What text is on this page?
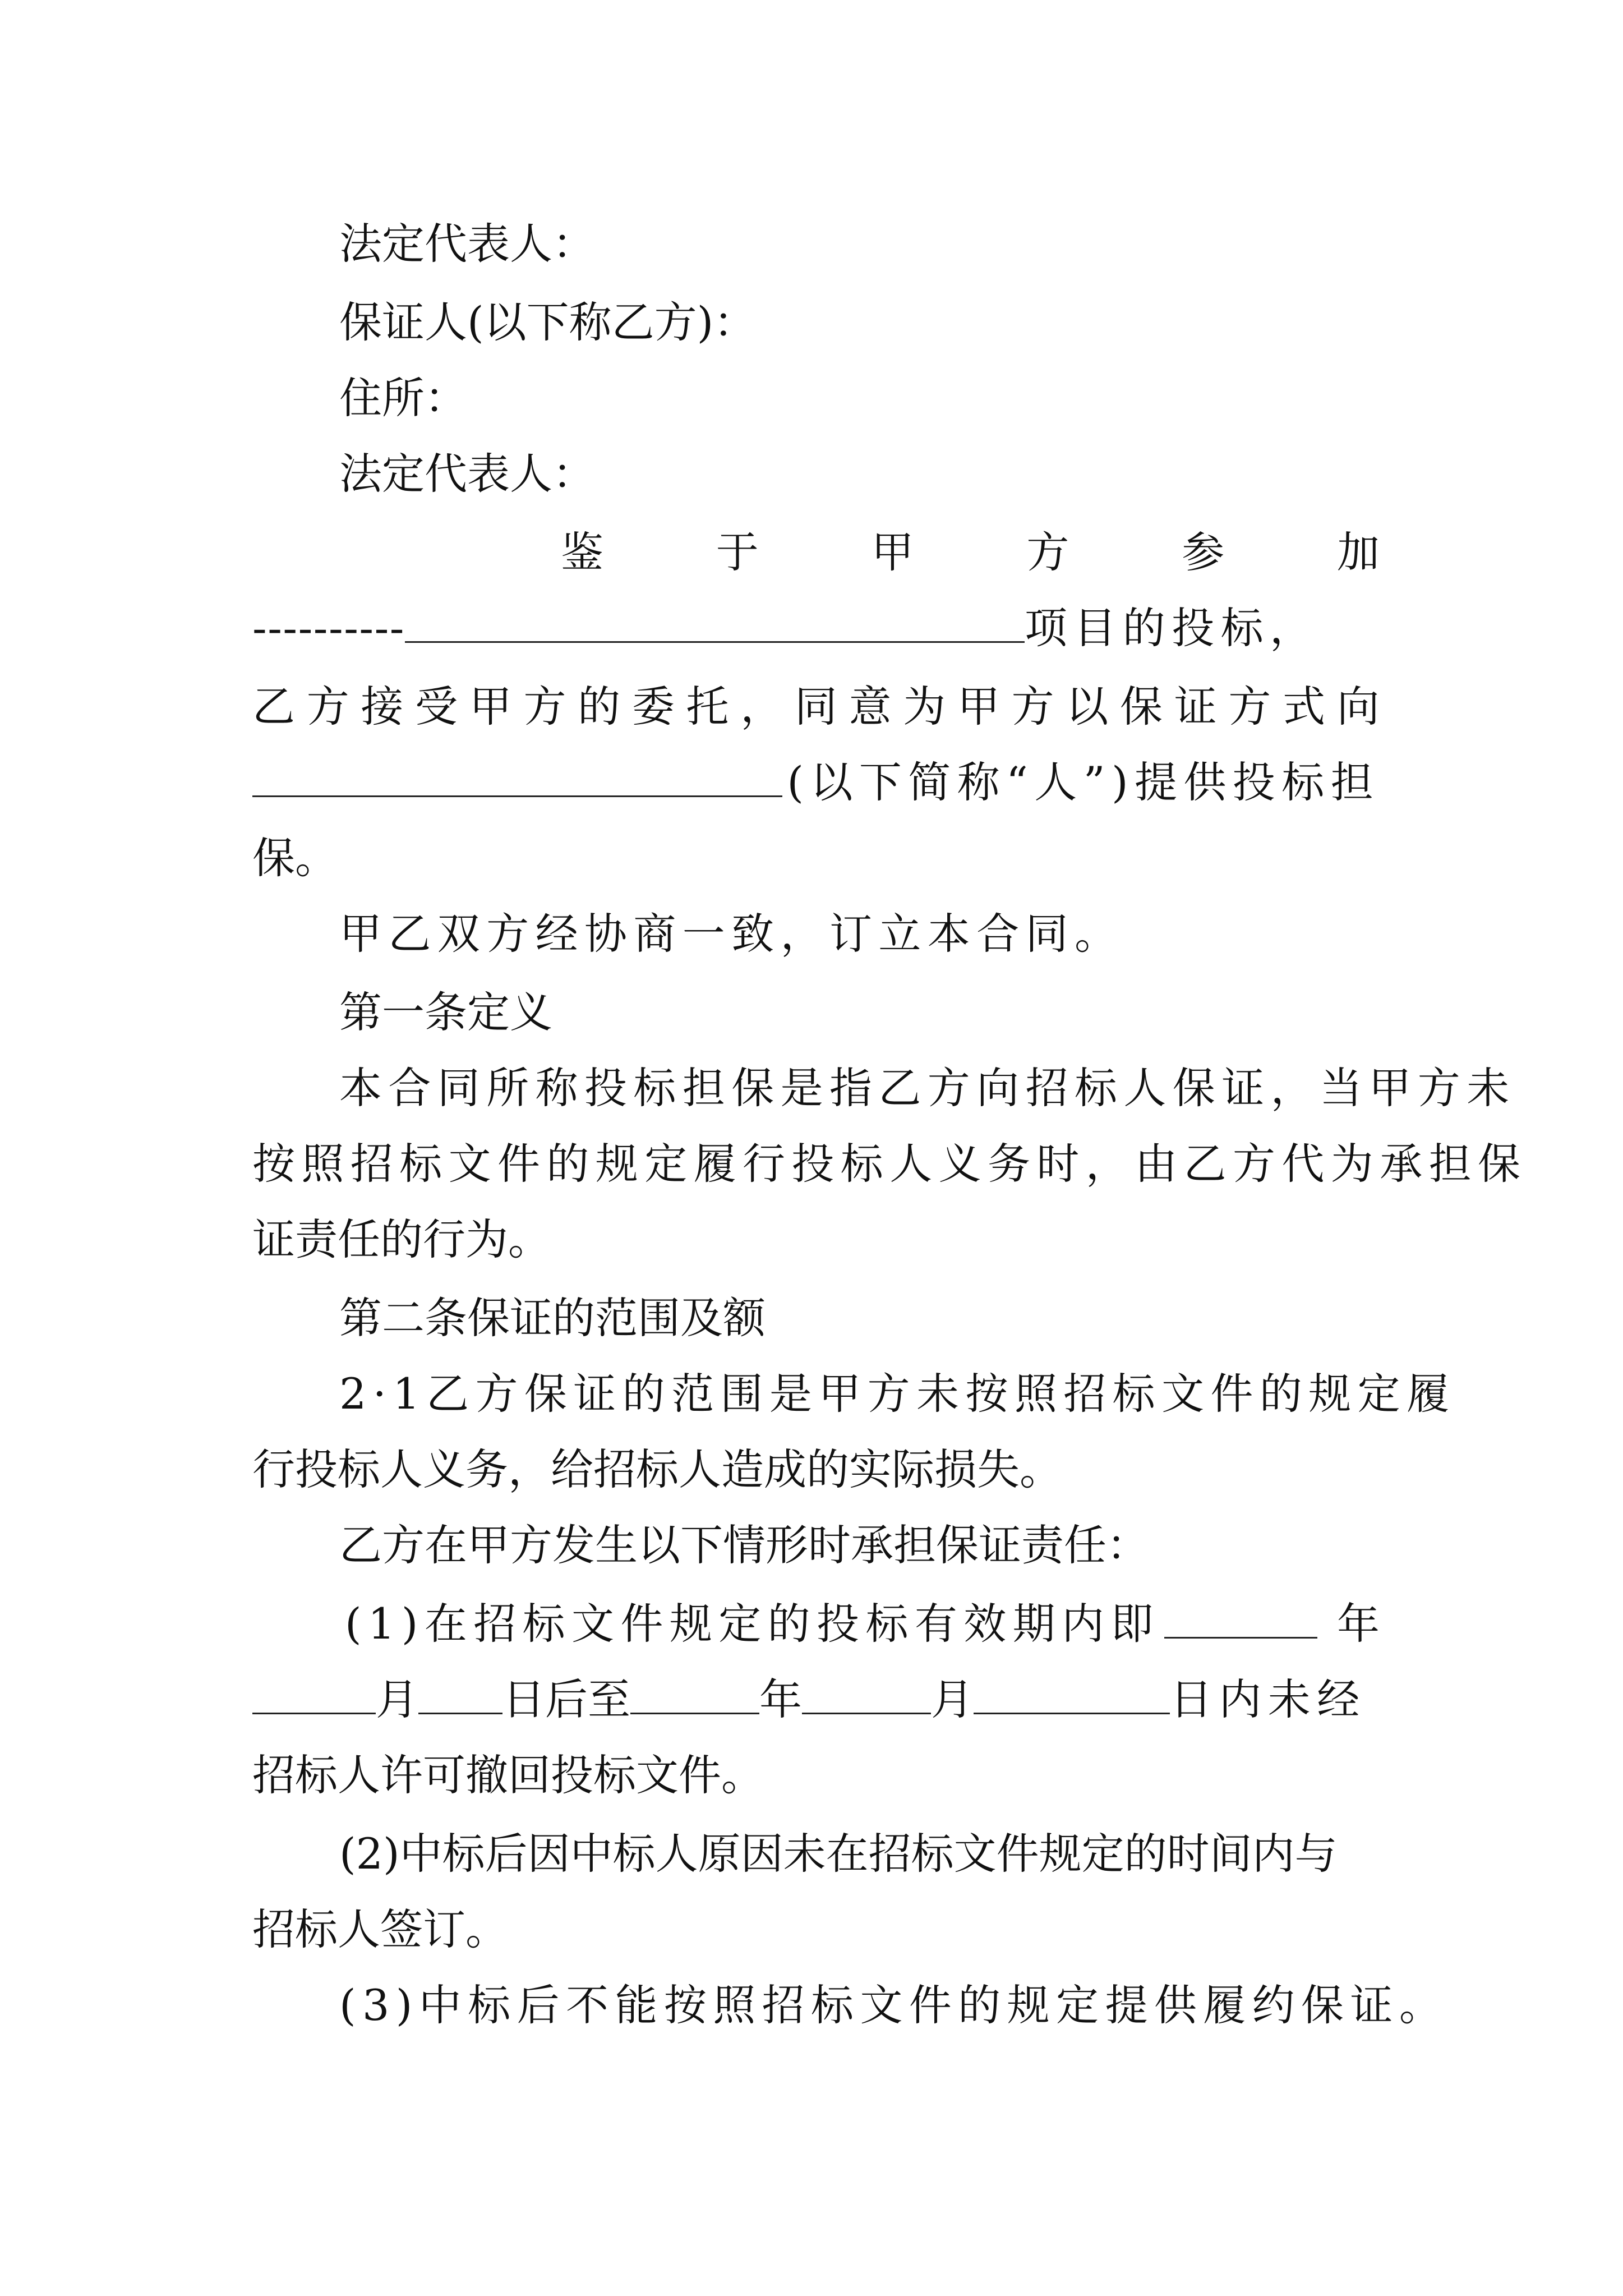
法定代表人：
保证人(以下称乙方)：
住所：
法定代表人：
鉴	于	甲	方	参	加
----------	项目的投标，
乙 方 接 受 甲 方 的 委 托 ， 同 意 为 甲 方 以 保 证 方 式 向
(以下简称“人”)提供投标担
保。
甲乙双方经协商一致，订立本合同。
第一条定义
本合同所称投标担保是指乙方向招标人保证，当甲方未
按照招标文件的规定履行投标人义务时，由乙方代为承担保
证责任的行为。
第二条保证的范围及额
2·1乙方保证的范围是甲方未按照招标文件的规定履
行投标人义务，给招标人造成的实际损失。
乙方在甲方发生以下情形时承担保证责任：
(1)在招标文件规定的投标有效期内即	年
月 日后至	年	月	日内未经
招标人许可撤回投标文件。
(2)中标后因中标人原因未在招标文件规定的时间内与
招标人签订。
(3)中标后不能按照招标文件的规定提供履约保证。
